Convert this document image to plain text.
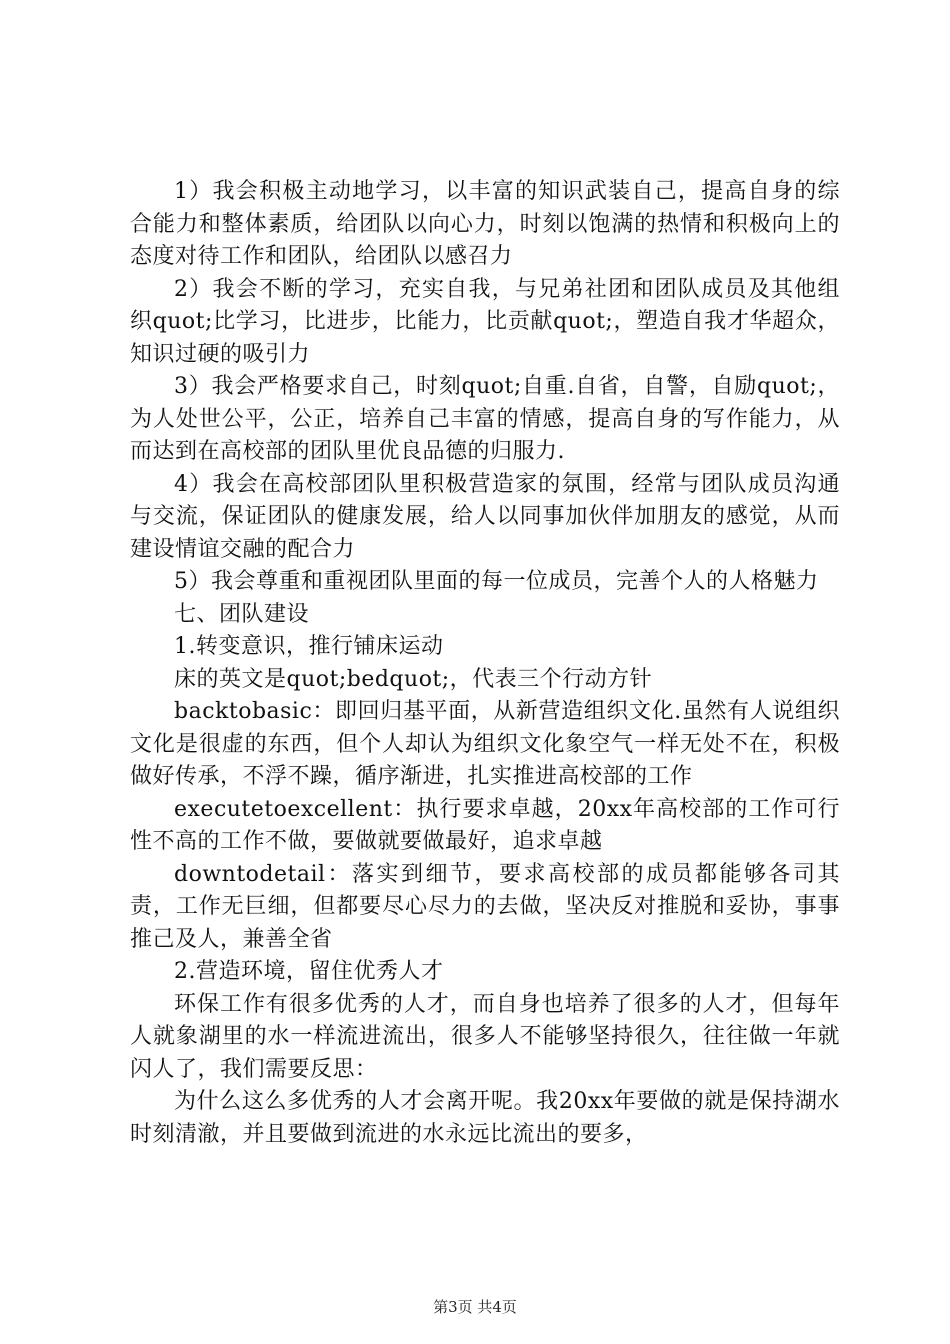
1）我会积极主动地学习，以丰富的知识武装自己，提高自身的综合能力和整体素质，给团队以向心力，时刻以饱满的热情和积极向上的态度对待工作和团队，给团队以感召力

2）我会不断的学习，充实自我，与兄弟社团和团队成员及其他组织quot;比学习，比进步，比能力，比贡献quot;，塑造自我才华超众，知识过硬的吸引力

3）我会严格要求自己，时刻quot;自重.自省，自警，自励quot;，为人处世公平，公正，培养自己丰富的情感，提高自身的写作能力，从而达到在高校部的团队里优良品德的归服力.

4）我会在高校部团队里积极营造家的氛围，经常与团队成员沟通与交流，保证团队的健康发展，给人以同事加伙伴加朋友的感觉，从而建设情谊交融的配合力

5）我会尊重和重视团队里面的每一位成员，完善个人的人格魅力

七、团队建设

1.转变意识，推行铺床运动

床的英文是quot;bedquot;，代表三个行动方针

backtobasic：即回归基平面，从新营造组织文化.虽然有人说组织文化是很虚的东西，但个人却认为组织文化象空气一样无处不在，积极做好传承，不浮不躁，循序渐进，扎实推进高校部的工作

executetoexcellent：执行要求卓越，20xx年高校部的工作可行性不高的工作不做，要做就要做最好，追求卓越

downtodetail：落实到细节，要求高校部的成员都能够各司其责，工作无巨细，但都要尽心尽力的去做，坚决反对推脱和妥协，事事推己及人，兼善全省

2.营造环境，留住优秀人才

环保工作有很多优秀的人才，而自身也培养了很多的人才，但每年人就象湖里的水一样流进流出，很多人不能够坚持很久，往往做一年就闪人了，我们需要反思：

为什么这么多优秀的人才会离开呢。我20xx年要做的就是保持湖水时刻清澈，并且要做到流进的水永远比流出的要多，

第3页 共4页
